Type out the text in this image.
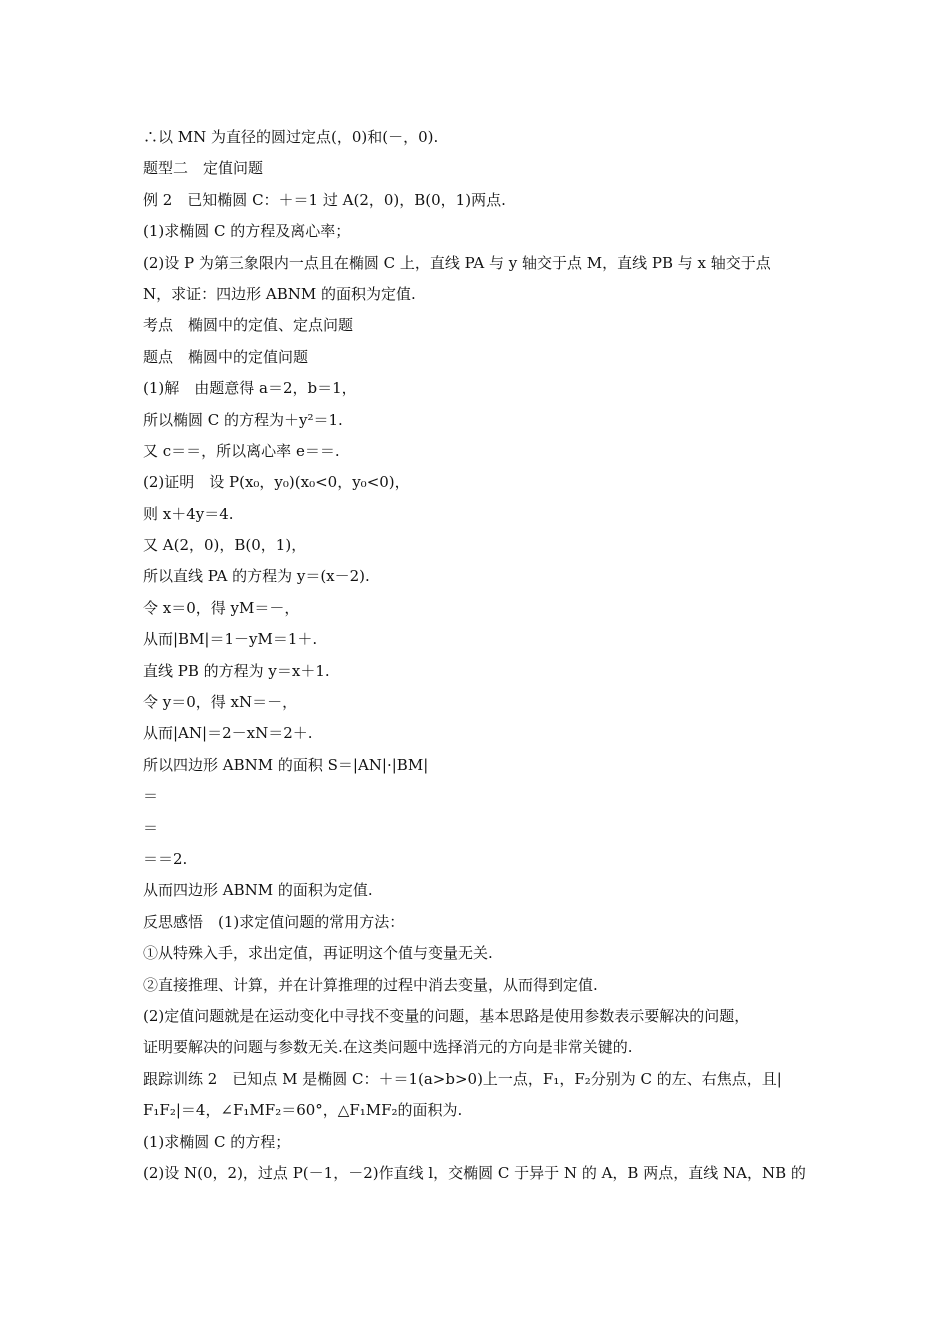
∴以 MN 为直径的圆过定点(，0)和(－，0).
题型二　定值问题
例 2　已知椭圆 C：＋＝1 过 A(2，0)，B(0，1)两点.
(1)求椭圆 C 的方程及离心率；
(2)设 P 为第三象限内一点且在椭圆 C 上，直线 PA 与 y 轴交于点 M，直线 PB 与 x 轴交于点
N，求证：四边形 ABNM 的面积为定值.
考点　椭圆中的定值、定点问题
题点　椭圆中的定值问题
(1)解　由题意得 a＝2，b＝1，
所以椭圆 C 的方程为＋y²＝1.
又 c＝＝，所以离心率 e＝＝.
(2)证明　设 P(x₀，y₀)(x₀<0，y₀<0)，
则 x＋4y＝4.
又 A(2，0)，B(0，1)，
所以直线 PA 的方程为 y＝(x－2).
令 x＝0，得 yM＝－，
从而|BM|＝1－yM＝1＋.
直线 PB 的方程为 y＝x＋1.
令 y＝0，得 xN＝－，
从而|AN|＝2－xN＝2＋.
所以四边形 ABNM 的面积 S＝|AN|·|BM|
＝
＝
＝＝2.
从而四边形 ABNM 的面积为定值.
反思感悟　(1)求定值问题的常用方法：
①从特殊入手，求出定值，再证明这个值与变量无关.
②直接推理、计算，并在计算推理的过程中消去变量，从而得到定值.
(2)定值问题就是在运动变化中寻找不变量的问题，基本思路是使用参数表示要解决的问题，
证明要解决的问题与参数无关.在这类问题中选择消元的方向是非常关键的.
跟踪训练 2　已知点 M 是椭圆 C：＋＝1(a>b>0)上一点，F₁，F₂分别为 C 的左、右焦点，且|
F₁F₂|＝4，∠F₁MF₂＝60°，△F₁MF₂的面积为.
(1)求椭圆 C 的方程；
(2)设 N(0，2)，过点 P(－1，－2)作直线 l，交椭圆 C 于异于 N 的 A，B 两点，直线 NA，NB 的
